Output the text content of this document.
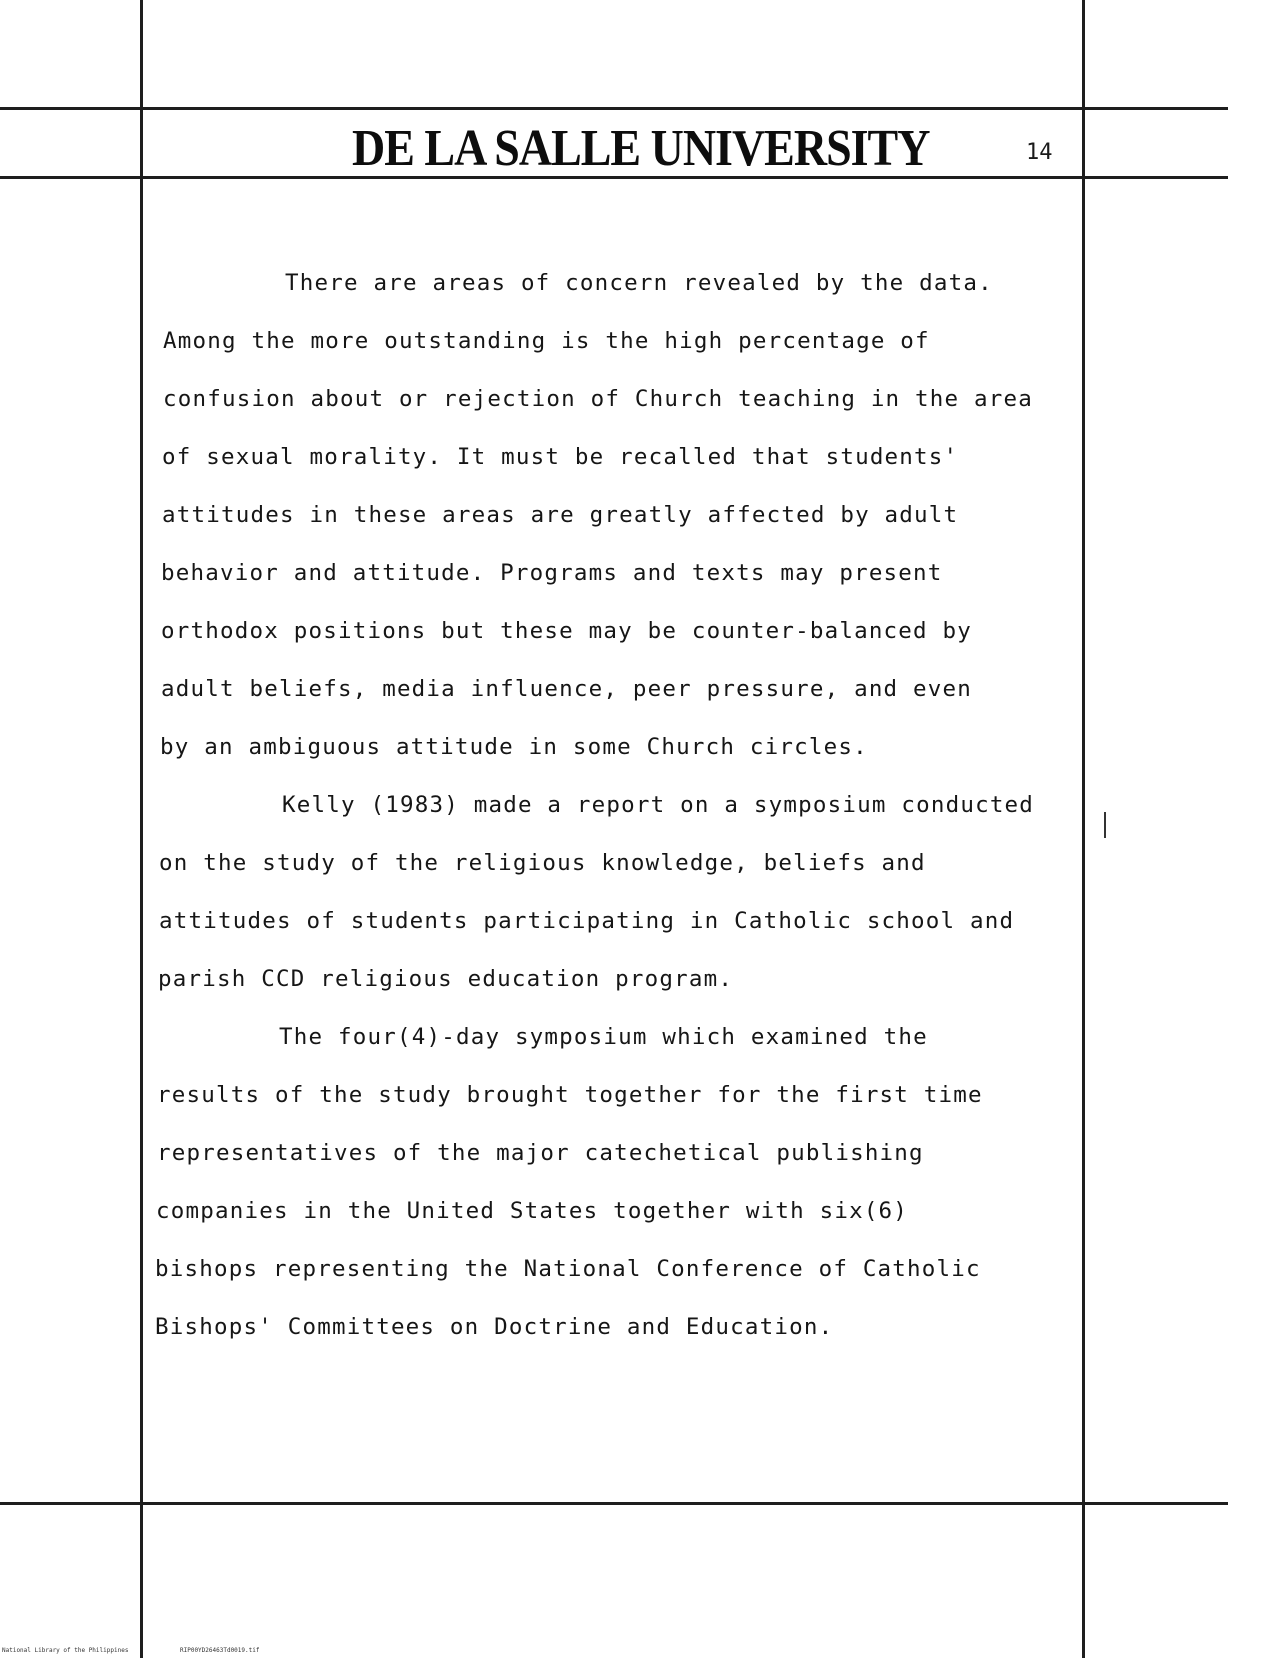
DE LA SALLE UNIVERSITY	14
There are areas of concern revealed by the data.
Among the more outstanding is the high percentage of
confusion about or rejection of Church teaching in the area
of sexual morality. It must be recalled that students'
attitudes in these areas are greatly affected by adult
behavior and attitude. Programs and texts may present
orthodox positions but these may be counter-balanced by
adult beliefs, media influence, peer pressure, and even
by an ambiguous attitude in some Church circles.
Kelly (1983) made a report on a symposium conducted
on the study of the religious knowledge, beliefs and
attitudes of students participating in Catholic school and
parish CCD religious education program.
The four(4)-day symposium which examined the
results of the study brought together for the first time
representatives of the major catechetical publishing
companies in the United States together with six(6)
bishops representing the National Conference of Catholic
Bishops' Committees on Doctrine and Education.
National Library of the Philippines	RIP00YD26463Td0019.tif
